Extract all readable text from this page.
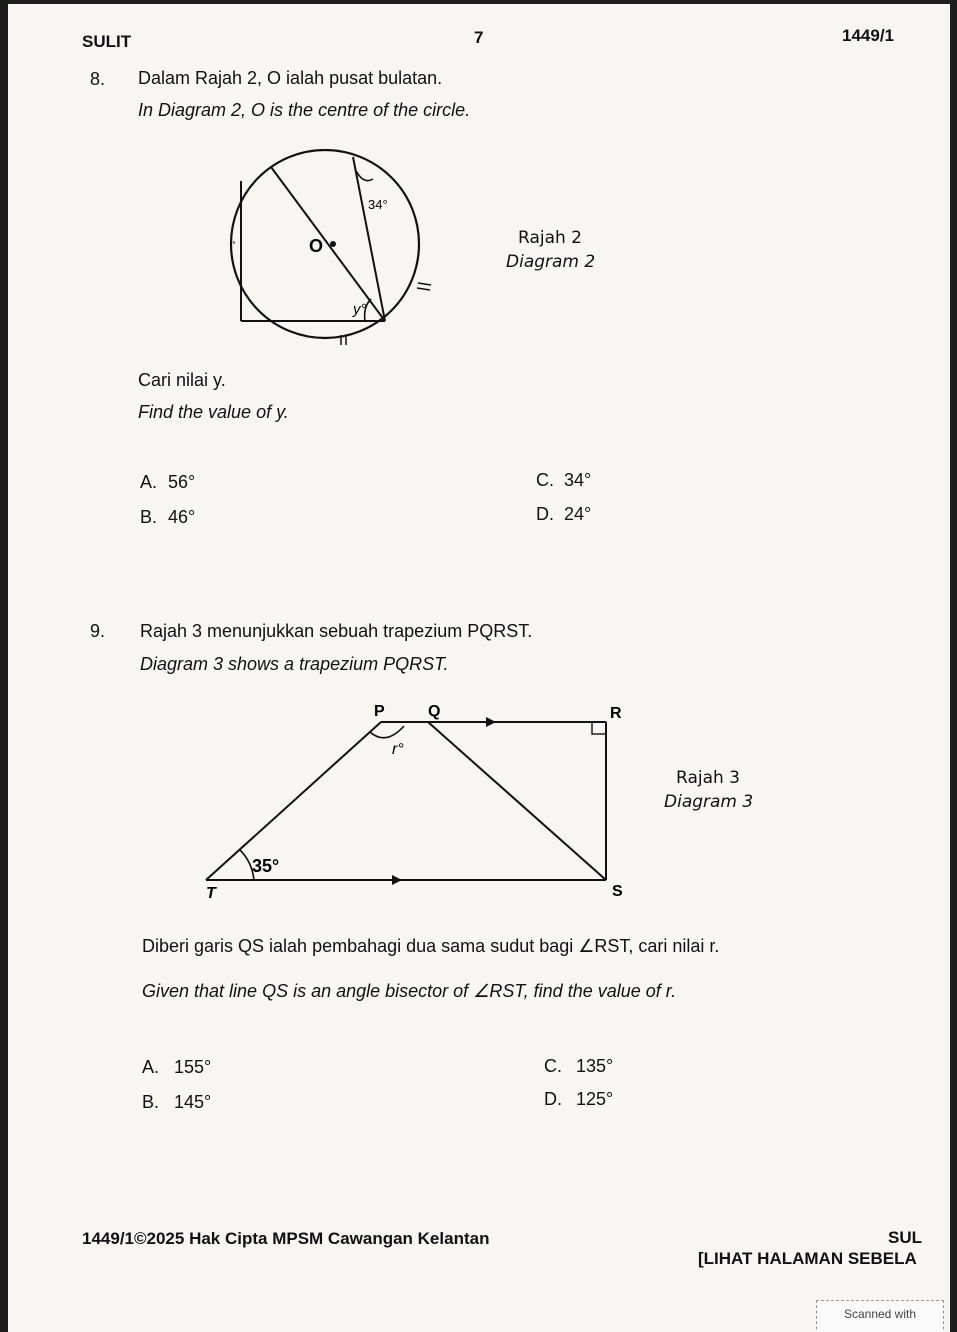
SULIT	7	1449/1
8. Dalam Rajah 2, O ialah pusat bulatan.
In Diagram 2, O is the centre of the circle.
34°
O
y°
Rajah 2
Diagram 2
Cari nilai y.
Find the value of y.
A. 56°
B. 46°
C. 34°
D. 24°
9. Rajah 3 menunjukkan sebuah trapezium PQRST.
Diagram 3 shows a trapezium PQRST.
P	Q	R
S
T
r°
35°
Rajah 3
Diagram 3
Diberi garis QS ialah pembahagi dua sama sudut bagi ∠RST, cari nilai r.
Given that line QS is an angle bisector of ∠RST, find the value of r.
A. 155°
B. 145°
C. 135°
D. 125°
1449/1©2025 Hak Cipta MPSM Cawangan Kelantan	SUL
[LIHAT HALAMAN SEBELA
Scanned with
